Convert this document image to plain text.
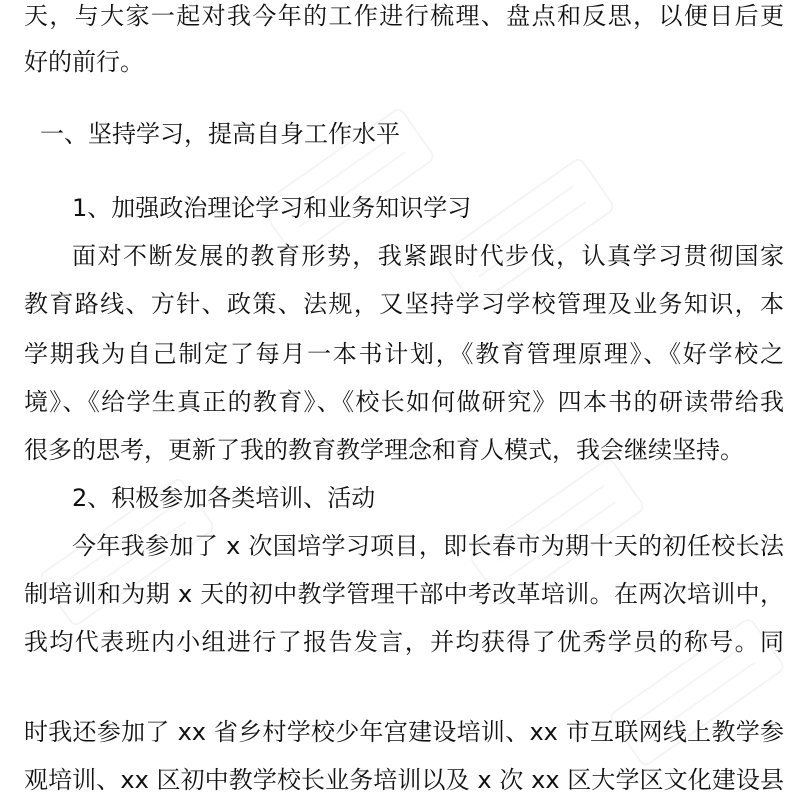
天，与大家一起对我今年的工作进行梳理、盘点和反思，以便日后更
好的前行。
一、坚持学习，提高自身工作水平
1、加强政治理论学习和业务知识学习
面对不断发展的教育形势，我紧跟时代步伐，认真学习贯彻国家
教育路线、方针、政策、法规，又坚持学习学校管理及业务知识，本
学期我为自己制定了每月一本书计划，《教育管理原理》、《好学校之
境》、《给学生真正的教育》、《校长如何做研究》四本书的研读带给我
很多的思考，更新了我的教育教学理念和育人模式，我会继续坚持。
2、积极参加各类培训、活动
今年我参加了 x 次国培学习项目，即长春市为期十天的初任校长法
制培训和为期 x 天的初中教学管理干部中考改革培训。在两次培训中，
我均代表班内小组进行了报告发言，并均获得了优秀学员的称号。同
时我还参加了 xx 省乡村学校少年宫建设培训、xx 市互联网线上教学参
观培训、xx 区初中教学校长业务培训以及 x 次 xx 区大学区文化建设县
